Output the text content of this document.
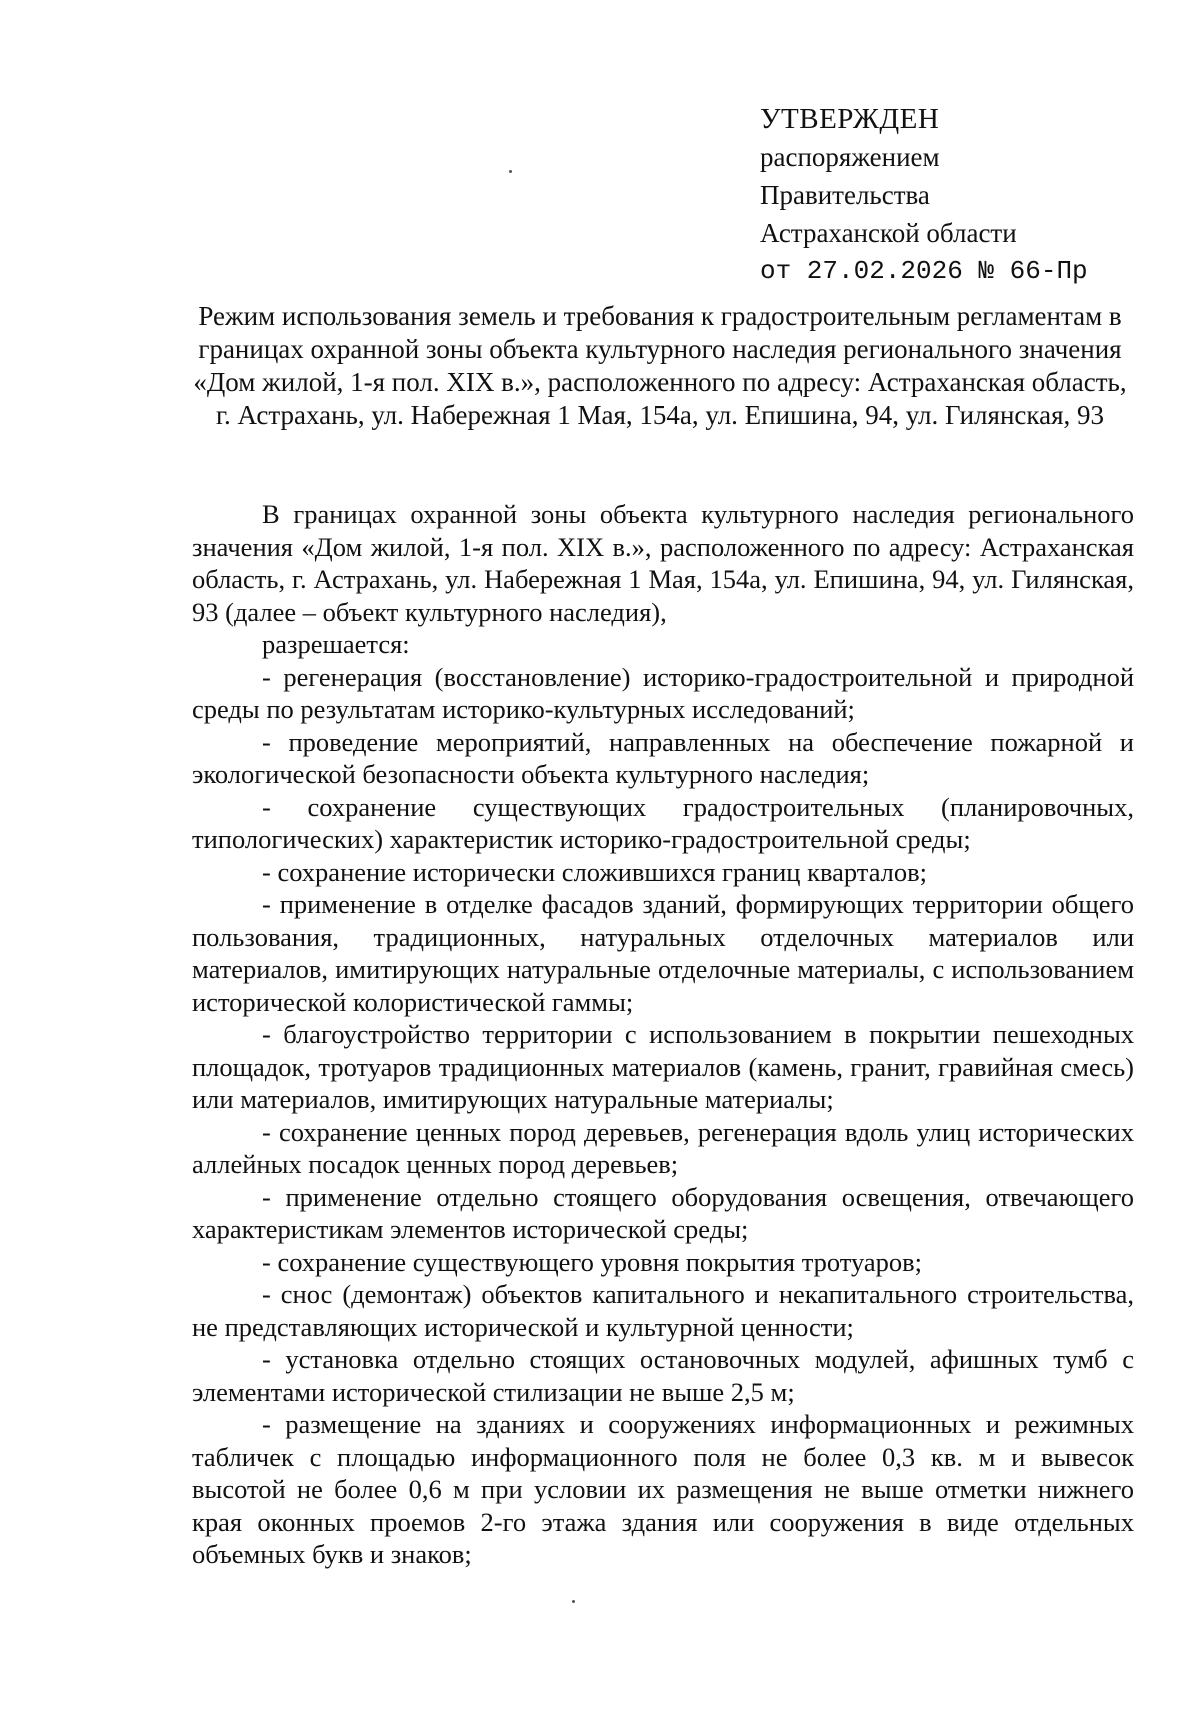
УТВЕРЖДЕН
распоряжением
Правительства
Астраханской области
от 27.02.2026 № 66-Пр
Режим использования земель и требования к градостроительным регламентам в границах охранной зоны объекта культурного наследия регионального значения «Дом жилой, 1-я пол. XIX в.», расположенного по адресу: Астраханская область, г. Астрахань, ул. Набережная 1 Мая, 154а, ул. Епишина, 94, ул. Гилянская, 93

В границах охранной зоны объекта культурного наследия регионального значения «Дом жилой, 1-я пол. XIX в.», расположенного по адресу: Астраханская область, г. Астрахань, ул. Набережная 1 Мая, 154а, ул. Епишина, 94, ул. Гилянская, 93 (далее – объект культурного наследия),

разрешается:

- регенерация (восстановление) историко-градостроительной и природной среды по результатам историко-культурных исследований;

- проведение мероприятий, направленных на обеспечение пожарной и экологической безопасности объекта культурного наследия;

- сохранение существующих градостроительных (планировочных, типологических) характеристик историко-градостроительной среды;

- сохранение исторически сложившихся границ кварталов;

- применение в отделке фасадов зданий, формирующих территории общего пользования, традиционных, натуральных отделочных материалов или материалов, имитирующих натуральные отделочные материалы, с использованием исторической колористической гаммы;

- благоустройство территории с использованием в покрытии пешеходных площадок, тротуаров традиционных материалов (камень, гранит, гравийная смесь) или материалов, имитирующих натуральные материалы;

- сохранение ценных пород деревьев, регенерация вдоль улиц исторических аллейных посадок ценных пород деревьев;

- применение отдельно стоящего оборудования освещения, отвечающего характеристикам элементов исторической среды;

- сохранение существующего уровня покрытия тротуаров;

- снос (демонтаж) объектов капитального и некапитального строительства, не представляющих исторической и культурной ценности;

- установка отдельно стоящих остановочных модулей, афишных тумб с элементами исторической стилизации не выше 2,5 м;

- размещение на зданиях и сооружениях информационных и режимных табличек с площадью информационного поля не более 0,3 кв. м и вывесок высотой не более 0,6 м при условии их размещения не выше отметки нижнего края оконных проемов 2-го этажа здания или сооружения в виде отдельных объемных букв и знаков;
